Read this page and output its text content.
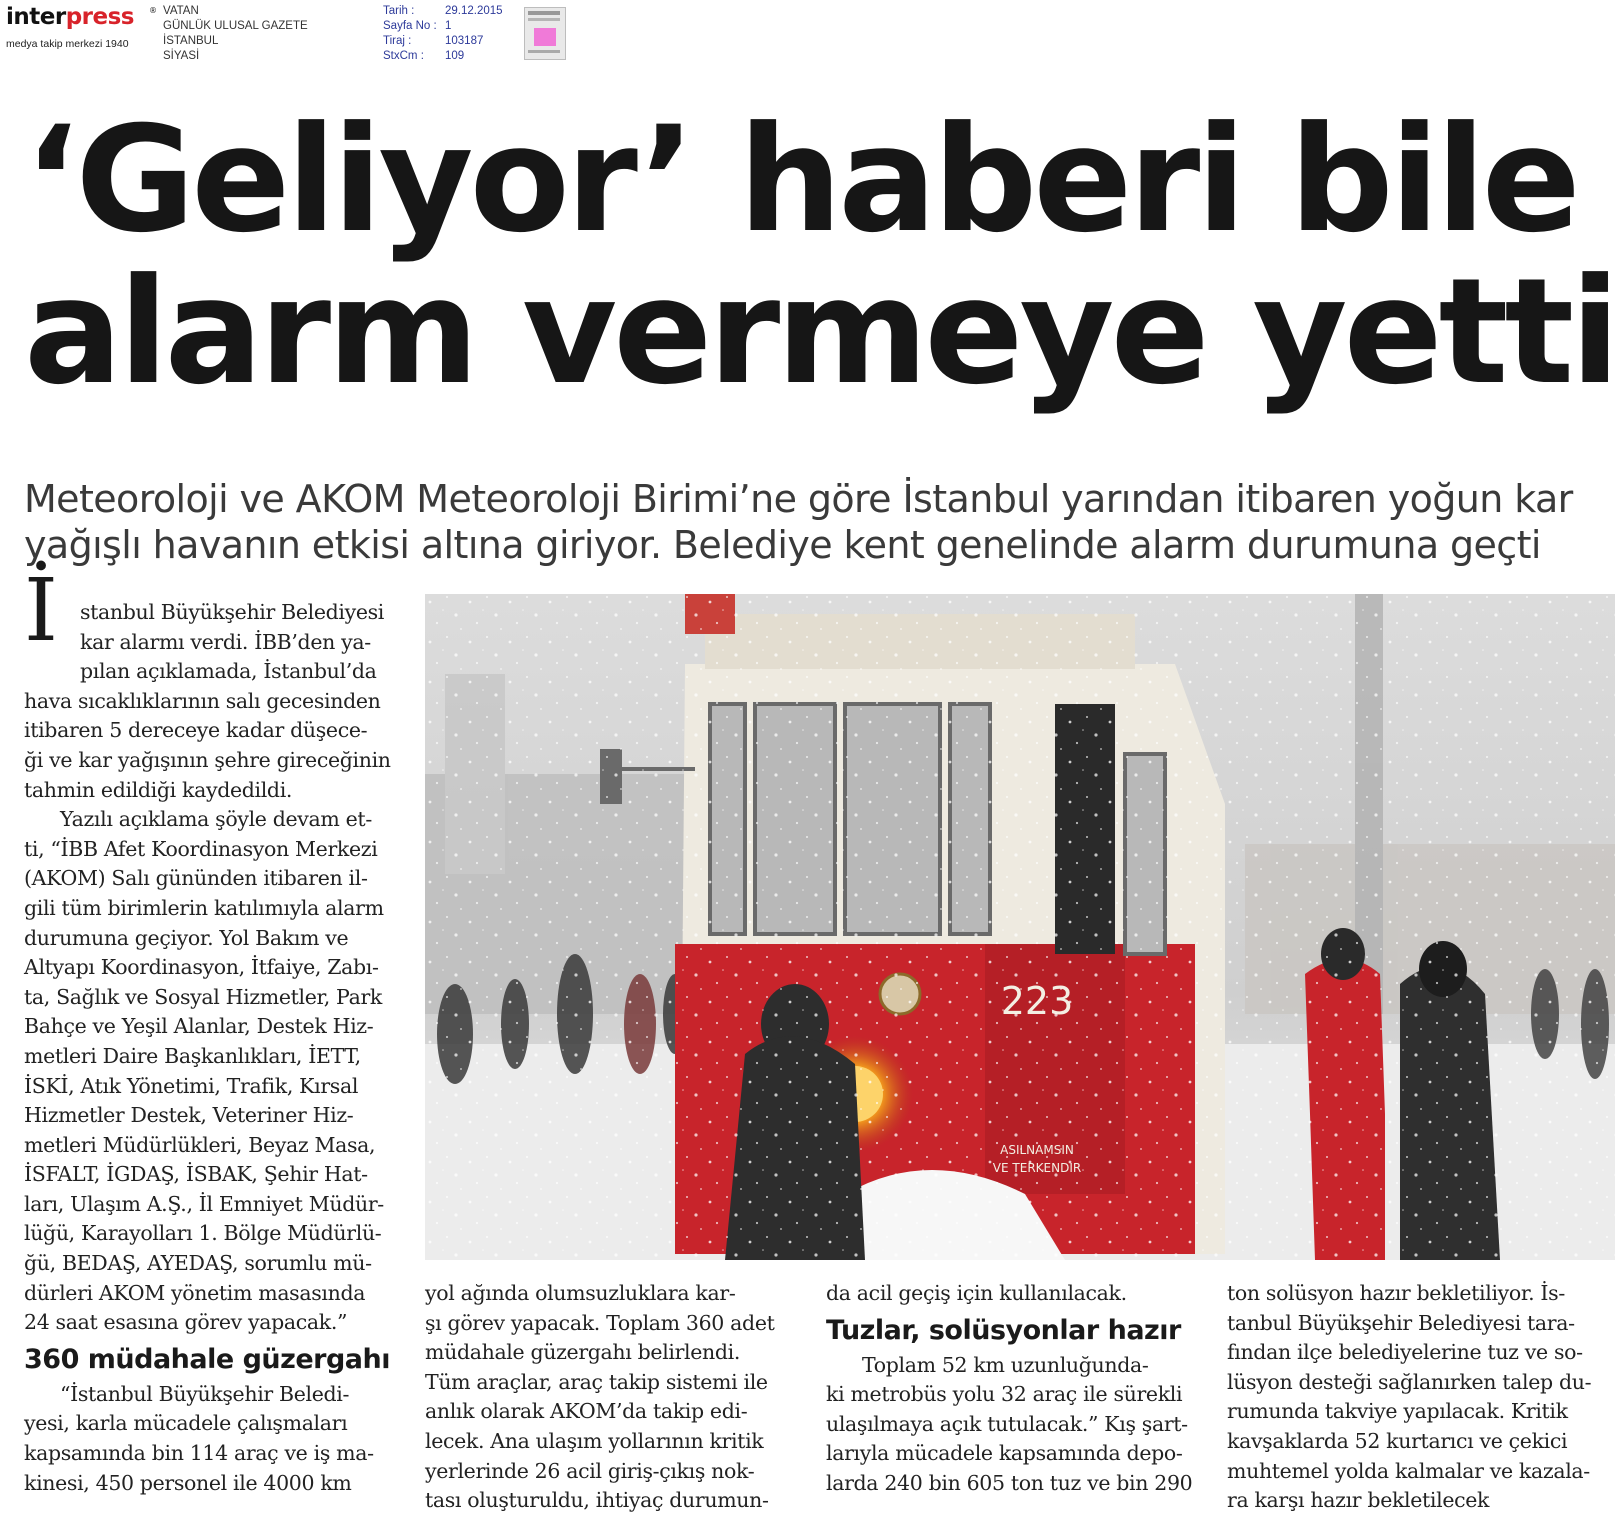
interpress ®
medya takip merkezi 1940
VATAN
GÜNLÜK ULUSAL GAZETE
İSTANBUL
SİYASİ
Tarih :
Sayfa No :
Tiraj :
StxCm :
29.12.2015
1
103187
109
‘Geliyor’ haberi bile
alarm vermeye yetti
Meteoroloji ve AKOM Meteoroloji Birimi’ne göre İstanbul yarından itibaren yoğun kar
yağışlı havanın etkisi altına giriyor. Belediye kent genelinde alarm durumuna geçti
İ	stanbul Büyükşehir Belediyesi
kar alarmı verdi. İBB’den ya-
pılan açıklamada, İstanbul’da
hava sıcaklıklarının salı gecesinden
itibaren 5 dereceye kadar düşece-
ği ve kar yağışının şehre gireceğinin
tahmin edildiği kaydedildi.
Yazılı açıklama şöyle devam et-
ti, “İBB Afet Koordinasyon Merkezi
(AKOM) Salı gününden itibaren il-
gili tüm birimlerin katılımıyla alarm
durumuna geçiyor. Yol Bakım ve
Altyapı Koordinasyon, İtfaiye, Zabı-
ta, Sağlık ve Sosyal Hizmetler, Park
Bahçe ve Yeşil Alanlar, Destek Hiz-
metleri Daire Başkanlıkları, İETT,
İSKİ, Atık Yönetimi, Trafik, Kırsal
Hizmetler Destek, Veteriner Hiz-
metleri Müdürlükleri, Beyaz Masa,
İSFALT, İGDAŞ, İSBAK, Şehir Hat-
ları, Ulaşım A.Ş., İl Emniyet Müdür-
lüğü, Karayolları 1. Bölge Müdürlü-
ğü, BEDAŞ, AYEDAŞ, sorumlu mü-
dürleri AKOM yönetim masasında
24 saat esasına görev yapacak.”
360 müdahale güzergahı
“İstanbul Büyükşehir Beledi-
yesi, karla mücadele çalışmaları
kapsamında bin 114 araç ve iş ma-
kinesi, 450 personel ile 4000 km
yol ağında olumsuzluklara kar-
şı görev yapacak. Toplam 360 adet
müdahale güzergahı belirlendi.
Tüm araçlar, araç takip sistemi ile
anlık olarak AKOM’da takip edi-
lecek. Ana ulaşım yollarının kritik
yerlerinde 26 acil giriş-çıkış nok-
tası oluşturuldu, ihtiyaç durumun-
da acil geçiş için kullanılacak.
Tuzlar, solüsyonlar hazır
Toplam 52 km uzunluğunda-
ki metrobüs yolu 32 araç ile sürekli
ulaşılmaya açık tutulacak.” Kış şart-
larıyla mücadele kapsamında depo-
larda 240 bin 605 ton tuz ve bin 290
ton solüsyon hazır bekletiliyor. İs-
tanbul Büyükşehir Belediyesi tara-
fından ilçe belediyelerine tuz ve so-
lüsyon desteği sağlanırken talep du-
rumunda takviye yapılacak. Kritik
kavşaklarda 52 kurtarıcı ve çekici
muhtemel yolda kalmalar ve kazala-
ra karşı hazır bekletilecek
